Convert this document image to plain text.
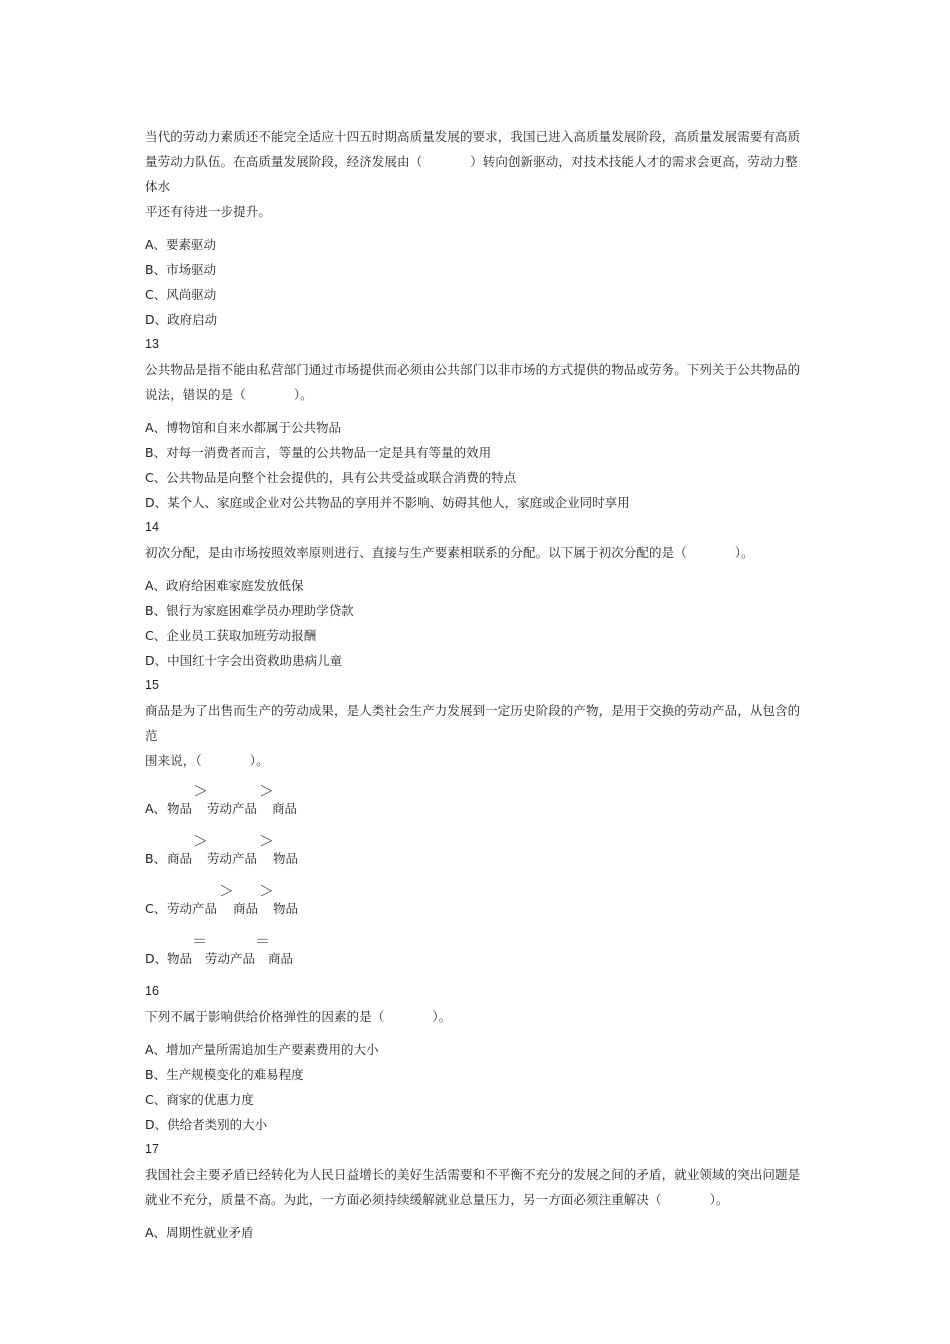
当代的劳动力素质还不能完全适应十四五时期高质量发展的要求，我国已进入高质量发展阶段，高质量发展需要有高质
量劳动力队伍。在高质量发展阶段，经济发展由（	）转向创新驱动，对技术技能人才的需求会更高，劳动力整体水
平还有待进一步提升。

A、要素驱动

B、市场驱动

C、风尚驱动

D、政府启动

13

公共物品是指不能由私营部门通过市场提供而必须由公共部门以非市场的方式提供的物品或劳务。下列关于公共物品的
说法，错误的是（	）。

A、博物馆和自来水都属于公共物品

B、对每一消费者而言，等量的公共物品一定是具有等量的效用

C、公共物品是向整个社会提供的，具有公共受益或联合消费的特点

D、某个人、家庭或企业对公共物品的享用并不影响、妨碍其他人，家庭或企业同时享用

14

初次分配，是由市场按照效率原则进行、直接与生产要素相联系的分配。以下属于初次分配的是（	）。

A、政府给困难家庭发放低保

B、银行为家庭困难学员办理助学贷款

C、企业员工获取加班劳动报酬

D、中国红十字会出资救助患病儿童

15

商品是为了出售而生产的劳动成果，是人类社会生产力发展到一定历史阶段的产物，是用于交换的劳动产品，从包含的范
围来说，（	）。

＞	＞
A、 物品 劳动产品 商品
＞	＞
B、 商品 劳动产品 物品
＞ ＞
C、 劳动产品 商品 物品
＝	＝
D、 物品 劳动产品 商品

16

下列不属于影响供给价格弹性的因素的是（	）。

A、增加产量所需追加生产要素费用的大小

B、生产规模变化的难易程度

C、商家的优惠力度

D、供给者类别的大小

17

我国社会主要矛盾已经转化为人民日益增长的美好生活需要和不平衡不充分的发展之间的矛盾，就业领域的突出问题是
就业不充分，质量不高。为此，一方面必须持续缓解就业总量压力，另一方面必须注重解决（	）。

A、周期性就业矛盾
